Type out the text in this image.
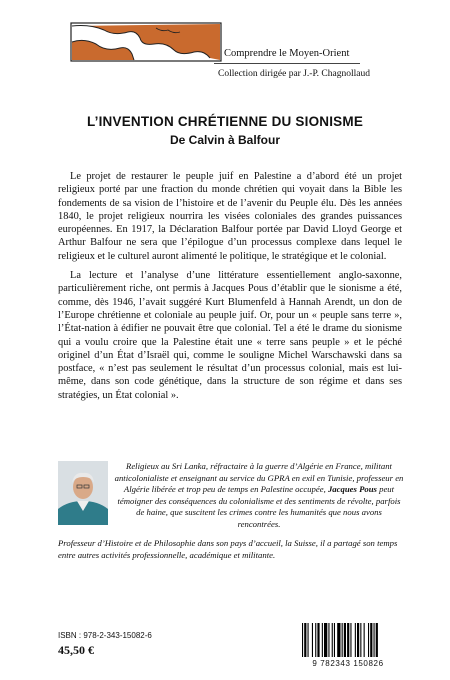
Comprendre le Moyen-Orient
Collection dirigée par J.-P. Chagnollaud
L’INVENTION CHRÉTIENNE DU SIONISME
De Calvin à Balfour

Le projet de restaurer le peuple juif en Palestine a d’abord été un projet religieux porté par une fraction du monde chrétien qui voyait dans la Bible les fondements de sa vision de l’histoire et de l’avenir du Peuple élu. Dès les années 1840, le projet religieux nourrira les visées coloniales des grandes puissances européennes. En 1917, la Déclaration Balfour portée par David Lloyd George et Arthur Balfour ne sera que l’épilogue d’un processus complexe dans lequel le religieux et le culturel auront alimenté le politique, le stratégique et le colonial.

La lecture et l’analyse d’une littérature essentiellement anglo-saxonne, particulièrement riche, ont permis à Jacques Pous d’établir que le sionisme a été, comme, dès 1946, l’avait suggéré Kurt Blumenfeld à Hannah Arendt, un don de l’Europe chrétienne et coloniale au peuple juif. Or, pour un « peuple sans terre », l’État-nation à édifier ne pouvait être que colonial. Tel a été le drame du sionisme qui a voulu croire que la Palestine était une « terre sans peuple » et le péché originel d’un État d’Israël qui, comme le souligne Michel Warschawski dans sa postface, « n’est pas seulement le résultat d’un processus colonial, mais est lui-même, dans son code génétique, dans la structure de son régime et dans ses stratégies, un État colonial ».

Religieux au Sri Lanka, réfractaire à la guerre d’Algérie en France, militant anticolonialiste et enseignant au service du GPRA en exil en Tunisie, professeur en Algérie libérée et trop peu de temps en Palestine occupée, Jacques Pous peut témoigner des conséquences du colonialisme et des sentiments de révolte, parfois de haine, que suscitent les crimes contre les humanités que nous avons rencontrées.
Professeur d’Histoire et de Philosophie dans son pays d’accueil, la Suisse, il a partagé son temps entre autres activités professionnelle, académique et militante.
ISBN : 978-2-343-15082-6
45,50 €
9 782343 150826
